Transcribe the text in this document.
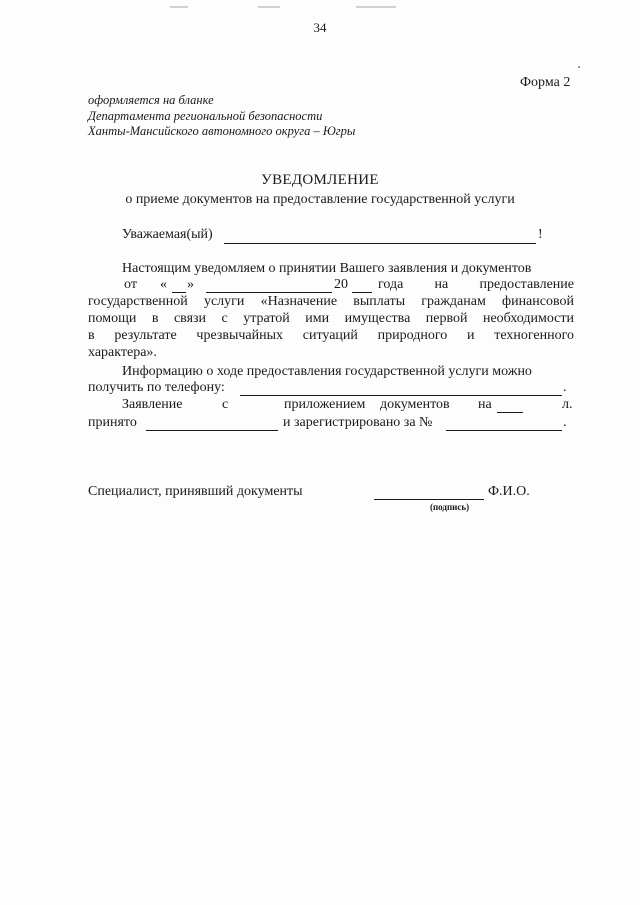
34
Форма 2
оформляется на бланке
Департамента региональной безопасности
Ханты-Мансийского автономного округа – Югры
УВЕДОМЛЕНИЕ
о приеме документов на предоставление государственной услуги
Уважаемая(ый)	!
Настоящим уведомляем о принятии Вашего заявления и документов
от « »	20 года на предоставление
государственной услуги «Назначение выплаты гражданам финансовой
помощи в связи с утратой ими имущества первой необходимости
в результате чрезвычайных ситуаций природного и техногенного
характера».
Информацию о ходе предоставления государственной услуги можно
получить по телефону:	.
Заявление	с	приложением документов на	л.
принято	и зарегистрировано за №	.
Специалист, принявший документы	Ф.И.О.
(подпись)
